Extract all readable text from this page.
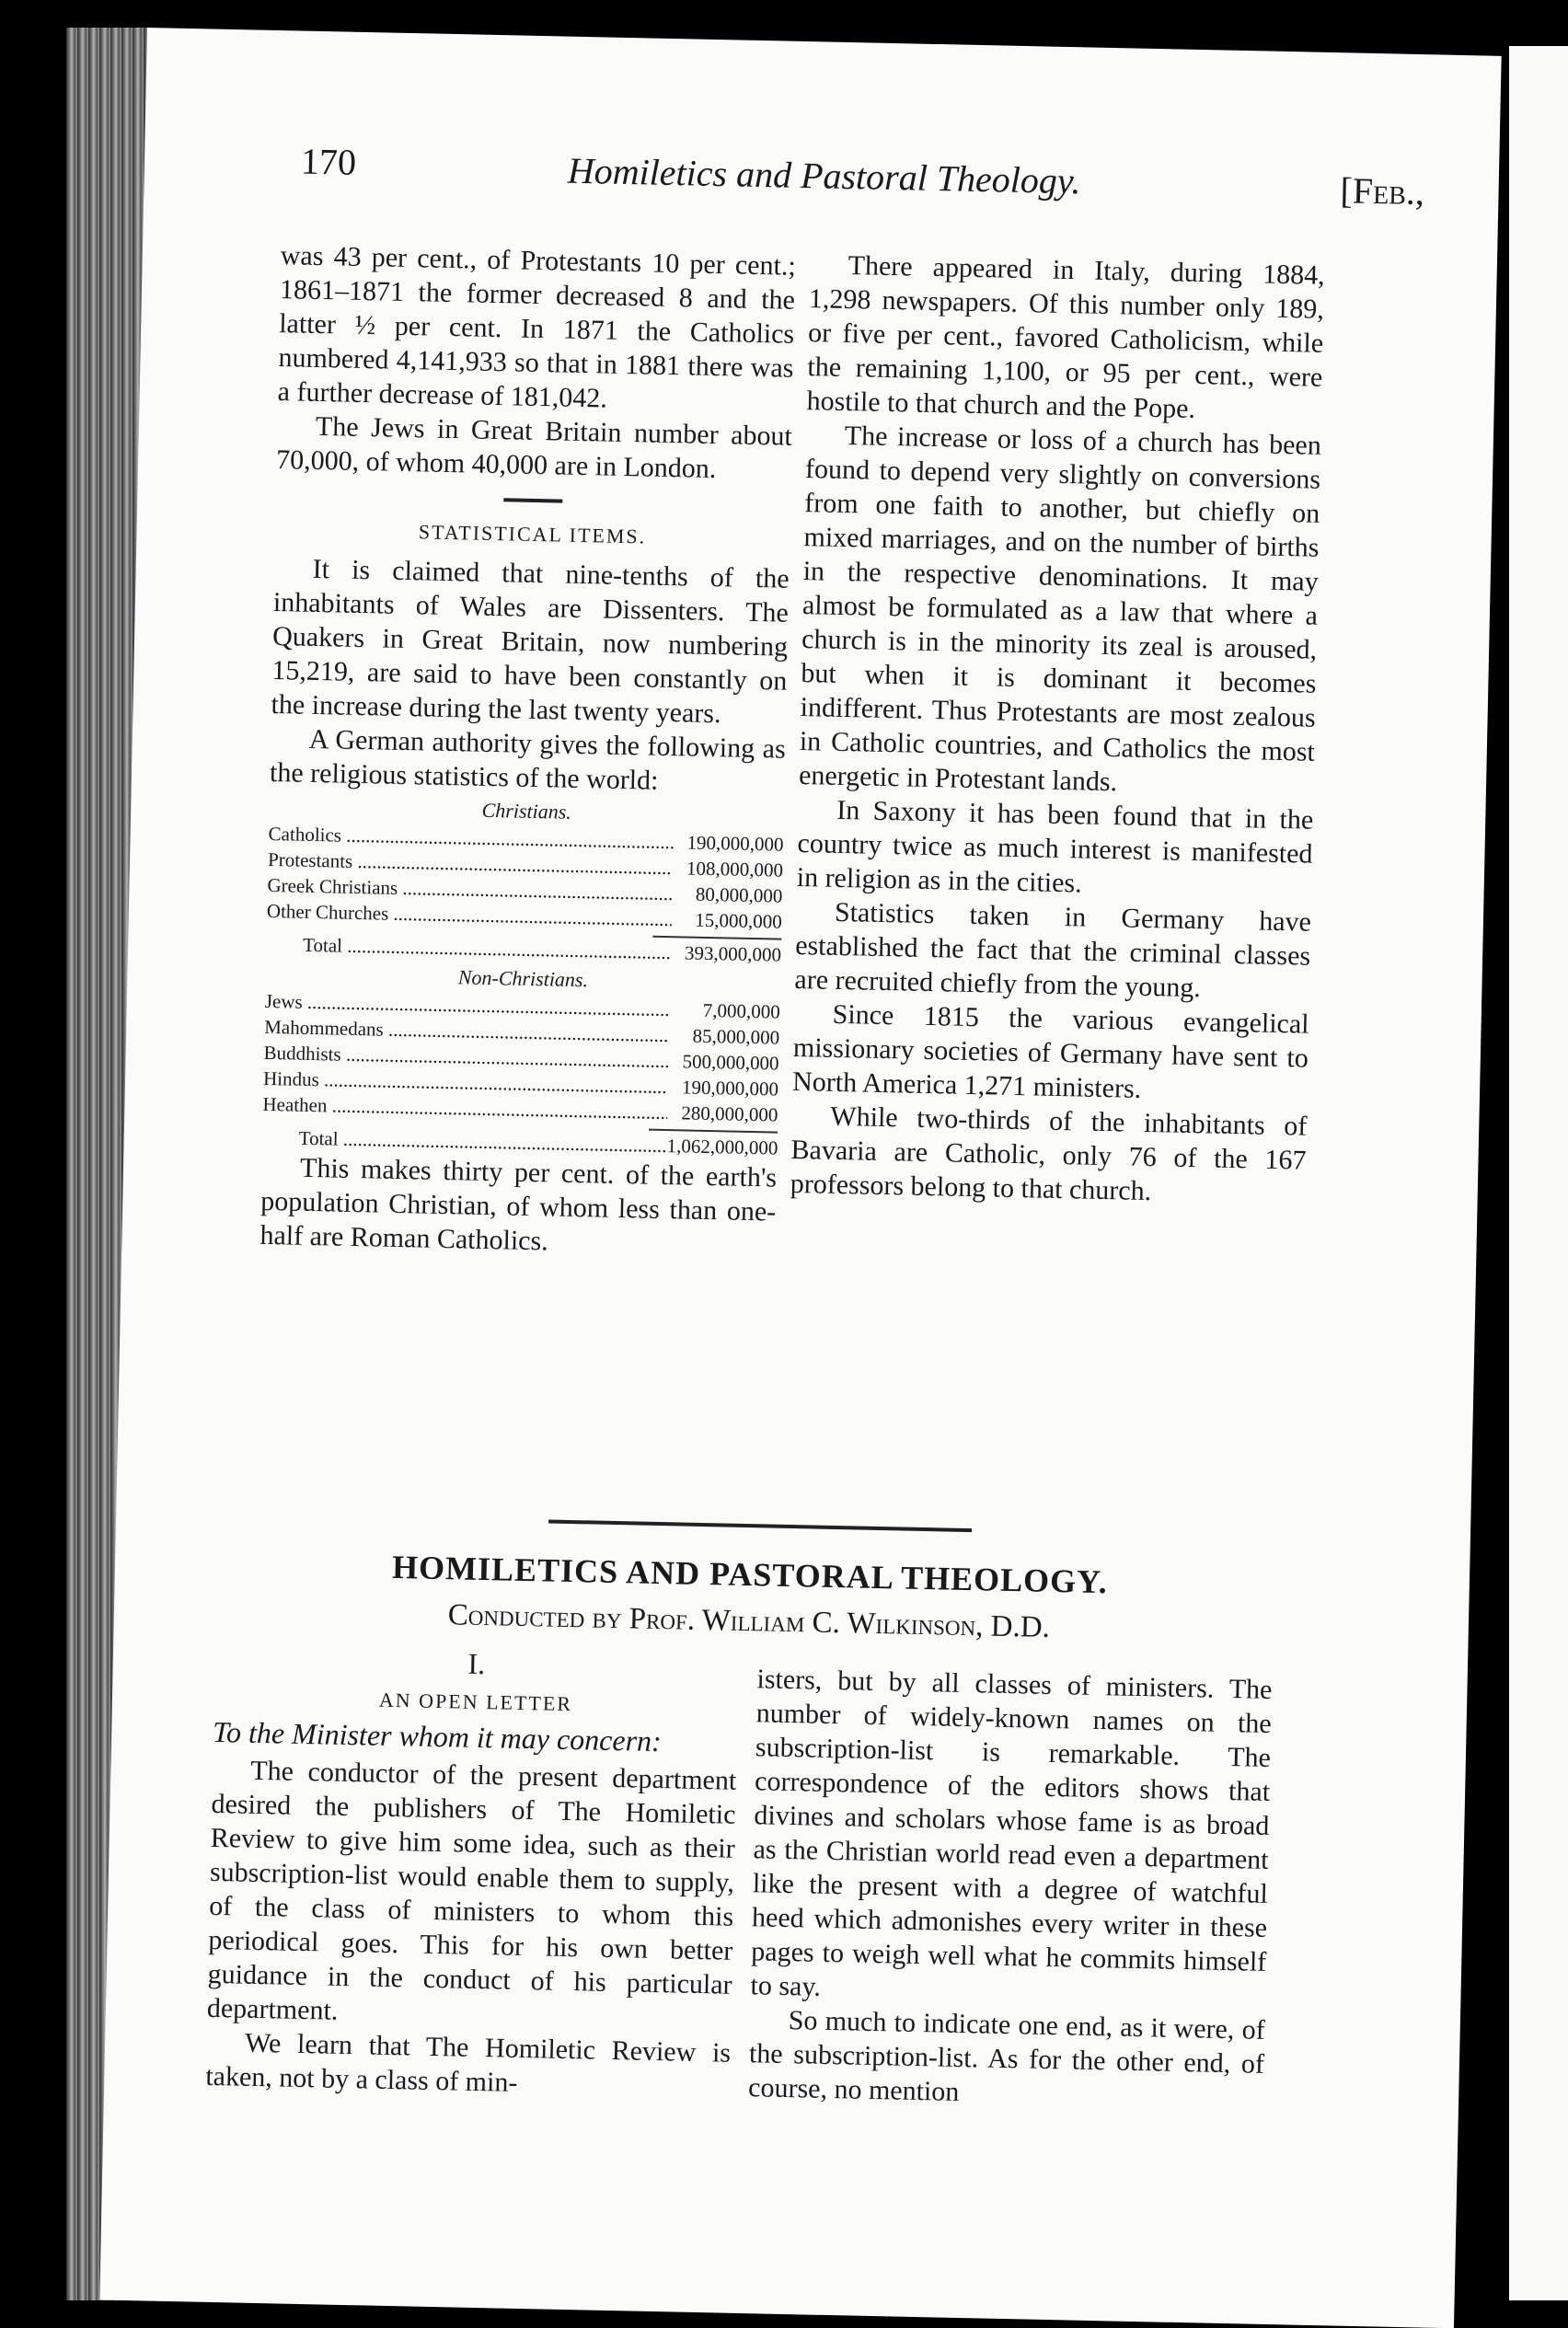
170	Homiletics and Pastoral Theology.	[Feb.,

was 43 per cent., of Protestants 10 per cent.; 1861–1871 the former decreased 8 and the latter ½ per cent. In 1871 the Catholics numbered 4,141,933 so that in 1881 there was a further decrease of 181,042.

The Jews in Great Britain number about 70,000, of whom 40,000 are in London.

STATISTICAL ITEMS.

It is claimed that nine-tenths of the inhabitants of Wales are Dissenters. The Quakers in Great Britain, now numbering 15,219, are said to have been constantly on the increase during the last twenty years.

A German authority gives the following as the religious statistics of the world:

Christians.
Catholics .....	190,000,000
Protestants .....	108,000,000
Greek Christians .....	80,000,000
Other Churches .....	15,000,000
Total .....	393,000,000
Non-Christians.
Jews .....	7,000,000
Mahommedans .....	85,000,000
Buddhists .....	500,000,000
Hindus .....	190,000,000
Heathen .....	280,000,000
Total .....	1,062,000,000

This makes thirty per cent. of the earth's population Christian, of whom less than one-half are Roman Catholics.

There appeared in Italy, during 1884, 1,298 newspapers. Of this number only 189, or five per cent., favored Catholicism, while the remaining 1,100, or 95 per cent., were hostile to that church and the Pope.

The increase or loss of a church has been found to depend very slightly on conversions from one faith to another, but chiefly on mixed marriages, and on the number of births in the respective denominations. It may almost be formulated as a law that where a church is in the minority its zeal is aroused, but when it is dominant it becomes indifferent. Thus Protestants are most zealous in Catholic countries, and Catholics the most energetic in Protestant lands.

In Saxony it has been found that in the country twice as much interest is manifested in religion as in the cities.

Statistics taken in Germany have established the fact that the criminal classes are recruited chiefly from the young.

Since 1815 the various evangelical missionary societies of Germany have sent to North America 1,271 ministers.

While two-thirds of the inhabitants of Bavaria are Catholic, only 76 of the 167 professors belong to that church.

HOMILETICS AND PASTORAL THEOLOGY.
Conducted by Prof. William C. Wilkinson, D.D.
I.
AN OPEN LETTER
To the Minister whom it may concern:

The conductor of the present department desired the publishers of The Homiletic Review to give him some idea, such as their subscription-list would enable them to supply, of the class of ministers to whom this periodical goes. This for his own better guidance in the conduct of his particular department.

We learn that The Homiletic Review is taken, not by a class of min-

isters, but by all classes of ministers. The number of widely-known names on the subscription-list is remarkable. The correspondence of the editors shows that divines and scholars whose fame is as broad as the Christian world read even a department like the present with a degree of watchful heed which admonishes every writer in these pages to weigh well what he commits himself to say.

So much to indicate one end, as it were, of the subscription-list. As for the other end, of course, no mention
